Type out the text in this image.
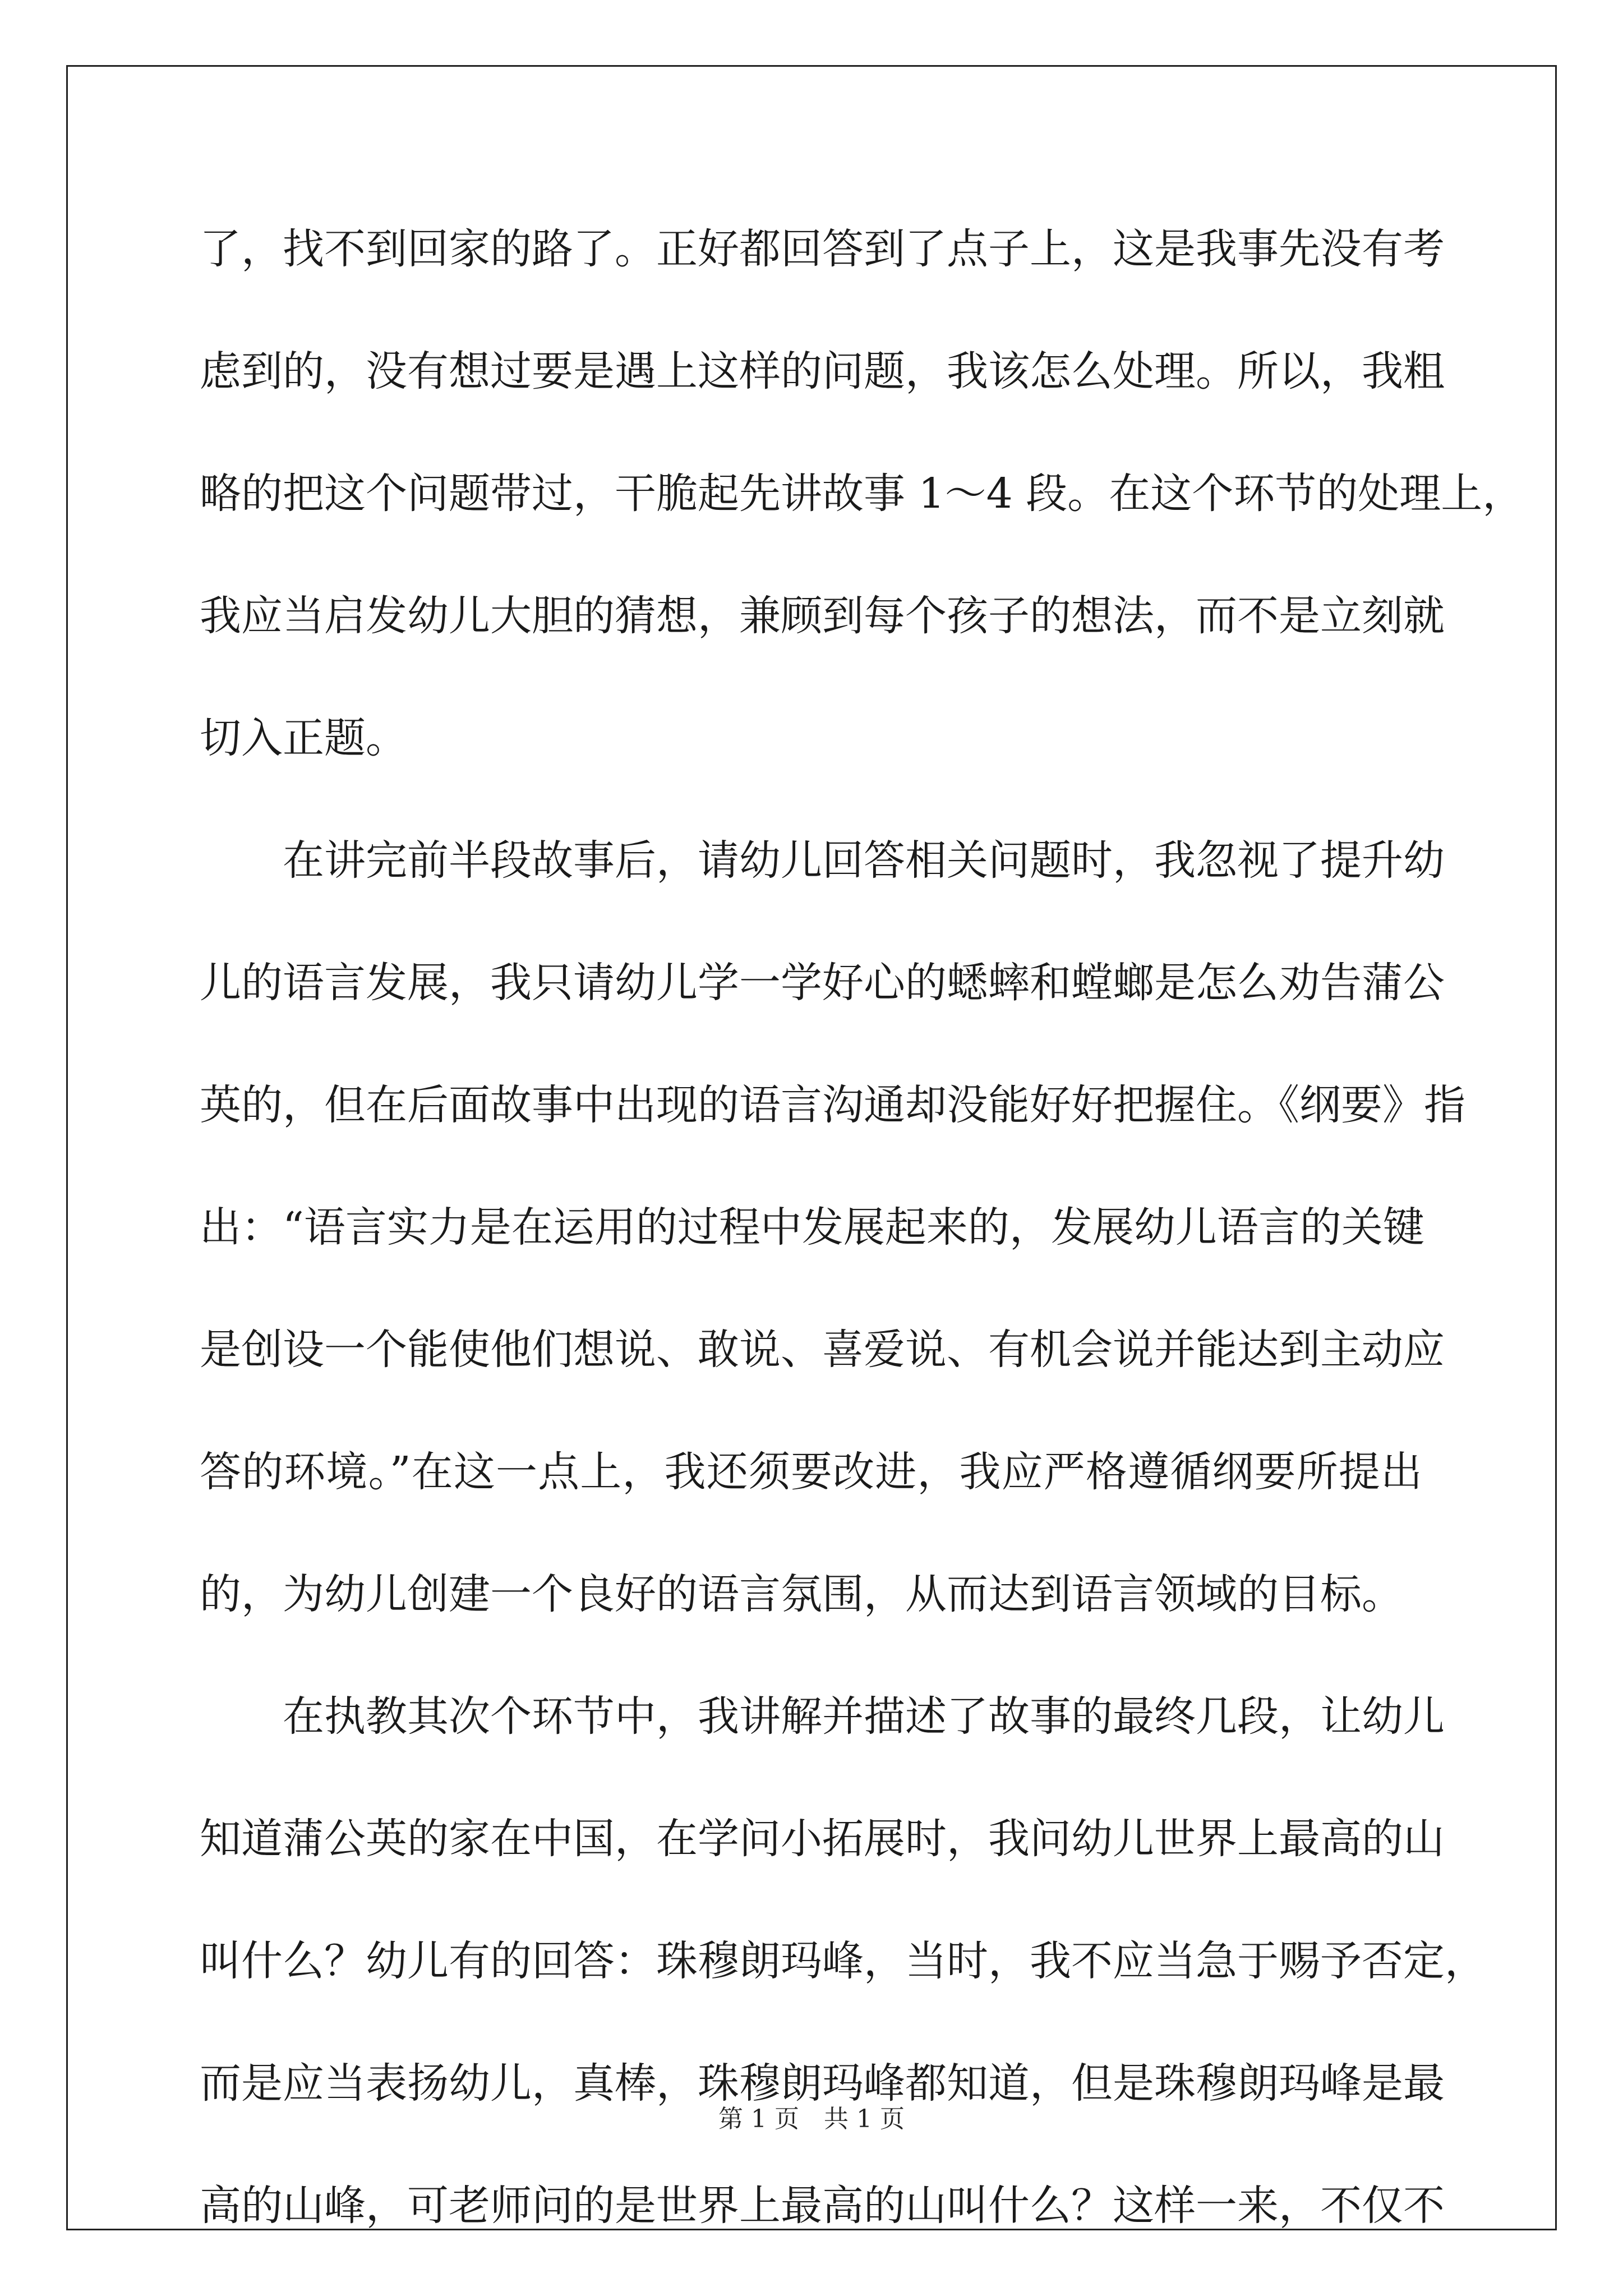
了，找不到回家的路了。正好都回答到了点子上，这是我事先没有考
虑到的，没有想过要是遇上这样的问题，我该怎么处理。所以，我粗
略的把这个问题带过，干脆起先讲故事 1～4 段。在这个环节的处理上，
我应当启发幼儿大胆的猜想，兼顾到每个孩子的想法，而不是立刻就
切入正题。
在讲完前半段故事后，请幼儿回答相关问题时，我忽视了提升幼
儿的语言发展，我只请幼儿学一学好心的蟋蟀和螳螂是怎么劝告蒲公
英的，但在后面故事中出现的语言沟通却没能好好把握住。《纲要》指
出：“语言实力是在运用的过程中发展起来的，发展幼儿语言的关键
是创设一个能使他们想说、敢说、喜爱说、有机会说并能达到主动应
答的环境。”在这一点上，我还须要改进，我应严格遵循纲要所提出
的，为幼儿创建一个良好的语言氛围，从而达到语言领域的目标。
在执教其次个环节中，我讲解并描述了故事的最终几段，让幼儿
知道蒲公英的家在中国，在学问小拓展时，我问幼儿世界上最高的山
叫什么？幼儿有的回答：珠穆朗玛峰，当时，我不应当急于赐予否定，
而是应当表扬幼儿，真棒，珠穆朗玛峰都知道，但是珠穆朗玛峰是最
高的山峰，可老师问的是世界上最高的山叫什么？这样一来，不仅不
第 1 页　共 1 页
